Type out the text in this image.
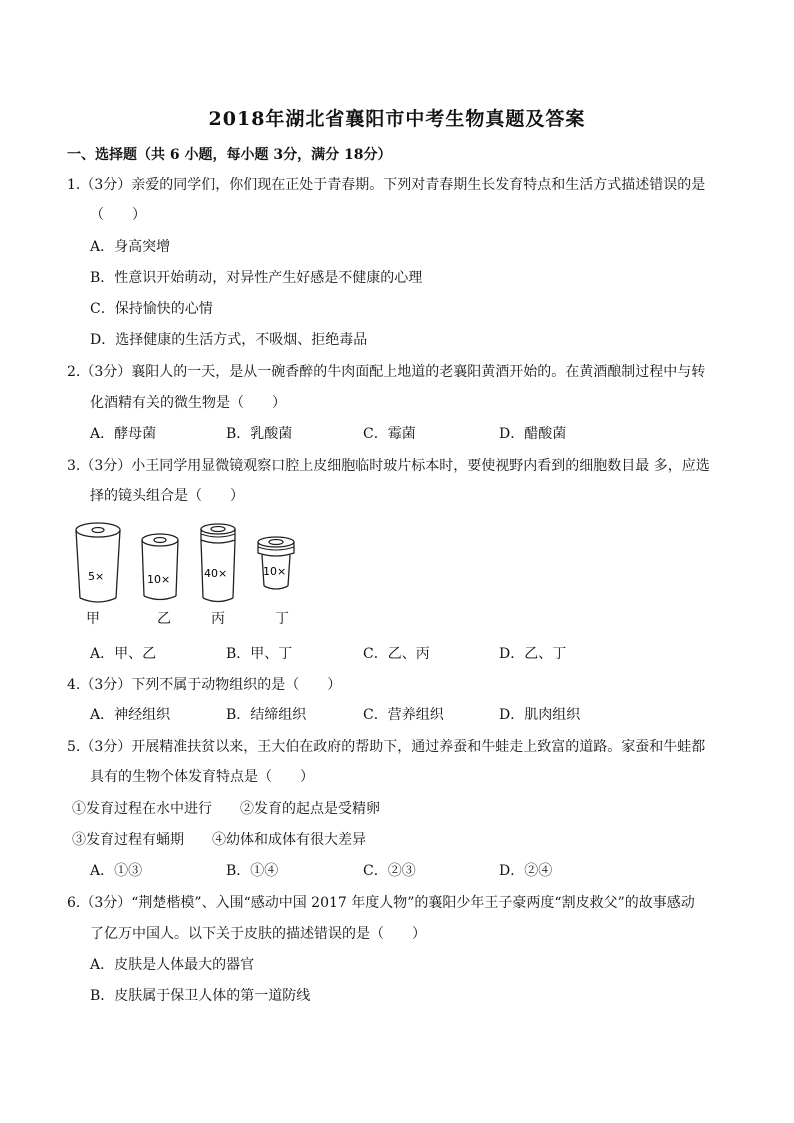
2018年湖北省襄阳市中考生物真题及答案
一、选择题（共 6 小题，每小题 3分，满分 18分）
1.（3分）亲爱的同学们，你们现在正处于青春期。下列对青春期生长发育特点和生活方式描述错误的是
（　　）
A．身高突增
B．性意识开始萌动，对异性产生好感是不健康的心理
C．保持愉快的心情
D．选择健康的生活方式，不吸烟、拒绝毒品
2.（3分）襄阳人的一天，是从一碗香醉的牛肉面配上地道的老襄阳黄酒开始的。在黄酒酿制过程中与转
化酒精有关的微生物是（　　）
A．酵母菌	B．乳酸菌	C．霉菌	D．醋酸菌
3.（3分）小王同学用显微镜观察口腔上皮细胞临时玻片标本时，要使视野内看到的细胞数目最 多，应选
择的镜头组合是（　　）
5×	10×	40×	10×
甲	乙	丙	丁
A．甲、乙	B．甲、丁	C．乙、丙	D．乙、丁
4.（3分）下列不属于动物组织的是（　　）
A．神经组织	B．结缔组织	C．营养组织	D．肌肉组织
5.（3分）开展精准扶贫以来，王大伯在政府的帮助下，通过养蚕和牛蛙走上致富的道路。家蚕和牛蛙都
具有的生物个体发育特点是（　　）
①发育过程在水中进行 ②发育的起点是受精卵
③发育过程有蛹期 ④幼体和成体有很大差异
A．①③	B．①④	C．②③	D．②④
6.（3分）“荆楚楷模”、入围“感动中国 2017 年度人物”的襄阳少年王子豪两度“割皮救父”的故事感动
了亿万中国人。以下关于皮肤的描述错误的是（　　）
A．皮肤是人体最大的器官
B．皮肤属于保卫人体的第一道防线
